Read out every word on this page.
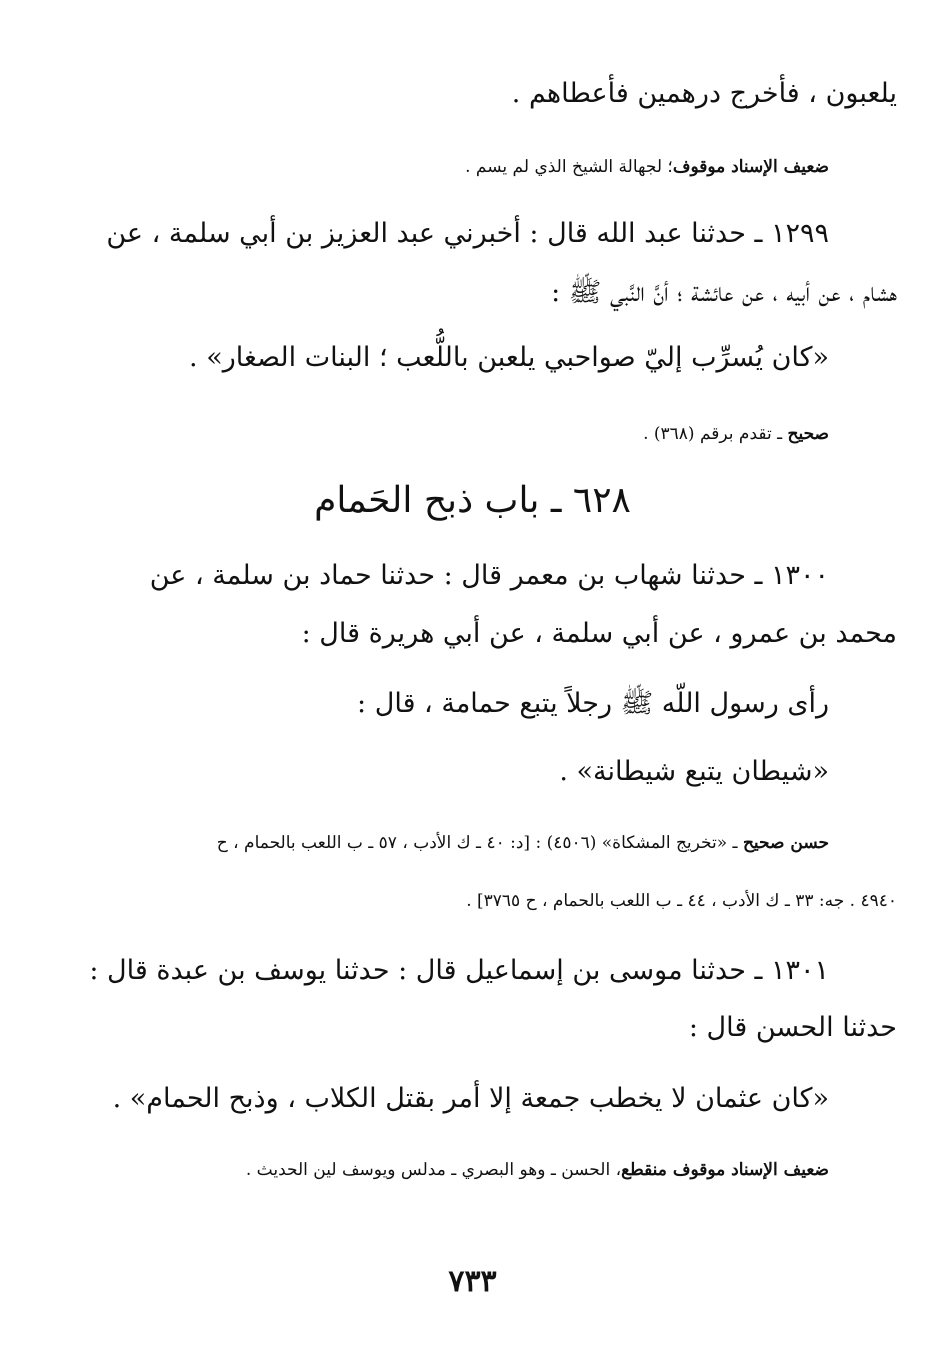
يلعبون ، فأخرج درهمين فأعطاهم .
ضعيف الإسناد موقوف؛ لجهالة الشيخ الذي لم يسم .
١٢٩٩ ـ حدثنا عبد الله قال : أخبرني عبد العزيز بن أبي سلمة ، عن
هشام ، عن أبيه ، عن عائشة ؛ أنَّ النَّبي ﷺ :
«كان يُسرِّب إليّ صواحبي يلعبن باللُّعب ؛ البنات الصغار» .
صحيح ـ تقدم برقم (٣٦٨) .
٦٢٨ ـ باب ذبح الحَمام
١٣٠٠ ـ حدثنا شهاب بن معمر قال : حدثنا حماد بن سلمة ، عن
محمد بن عمرو ، عن أبي سلمة ، عن أبي هريرة قال :
رأى رسول اللّه ﷺ رجلاً يتبع حمامة ، قال :
«شيطان يتبع شيطانة» .
حسن صحيح ـ «تخريج المشكاة» (٤٥٠٦) : [د: ٤٠ ـ ك الأدب ، ٥٧ ـ ب اللعب بالحمام ، ح
٤٩٤٠ . جه: ٣٣ ـ ك الأدب ، ٤٤ ـ ب اللعب بالحمام ، ح ٣٧٦٥] .
١٣٠١ ـ حدثنا موسى بن إسماعيل قال : حدثنا يوسف بن عبدة قال :
حدثنا الحسن قال :
«كان عثمان لا يخطب جمعة إلا أمر بقتل الكلاب ، وذبح الحمام» .
ضعيف الإسناد موقوف منقطع، الحسن ـ وهو البصري ـ مدلس ويوسف لين الحديث .
٧٣٣
